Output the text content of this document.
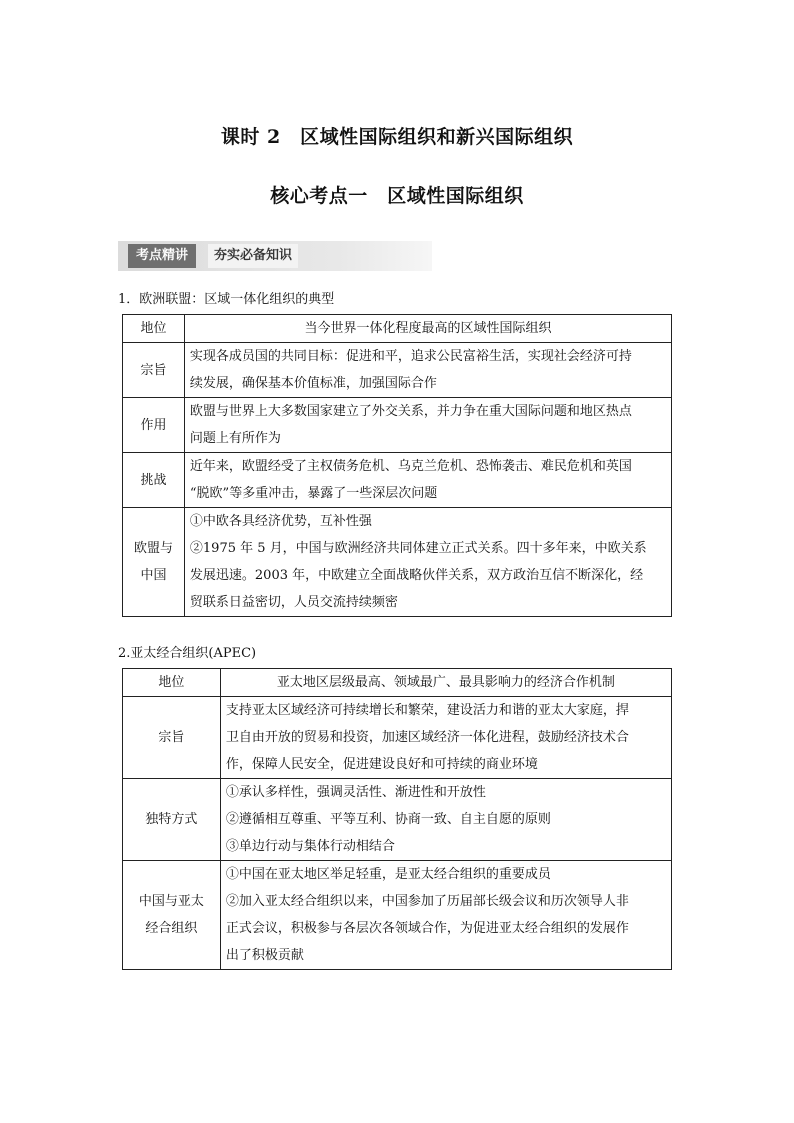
课时 2　区域性国际组织和新兴国际组织
核心考点一　区域性国际组织
考点精讲	夯实必备知识
1．欧洲联盟：区域一体化组织的典型
地位	当今世界一体化程度最高的区域性国际组织

宗旨	实现各成员国的共同目标：促进和平，追求公民富裕生活，实现社会经济可持
续发展，确保基本价值标准，加强国际合作

作用	欧盟与世界上大多数国家建立了外交关系，并力争在重大国际问题和地区热点
问题上有所作为

挑战	近年来，欧盟经受了主权债务危机、乌克兰危机、恐怖袭击、难民危机和英国
“脱欧”等多重冲击，暴露了一些深层次问题

欧盟与
中国	①中欧各具经济优势，互补性强
②1975 年 5 月，中国与欧洲经济共同体建立正式关系。四十多年来，中欧关系
发展迅速。2003 年，中欧建立全面战略伙伴关系，双方政治互信不断深化，经
贸联系日益密切，人员交流持续频密
2.亚太经合组织(APEC)
地位	亚太地区层级最高、领域最广、最具影响力的经济合作机制

宗旨	支持亚太区域经济可持续增长和繁荣，建设活力和谐的亚太大家庭，捍
卫自由开放的贸易和投资，加速区域经济一体化进程，鼓励经济技术合
作，保障人民安全，促进建设良好和可持续的商业环境

独特方式	①承认多样性，强调灵活性、渐进性和开放性
②遵循相互尊重、平等互利、协商一致、自主自愿的原则
③单边行动与集体行动相结合

中国与亚太
经合组织	①中国在亚太地区举足轻重，是亚太经合组织的重要成员
②加入亚太经合组织以来，中国参加了历届部长级会议和历次领导人非
正式会议，积极参与各层次各领域合作，为促进亚太经合组织的发展作
出了积极贡献
